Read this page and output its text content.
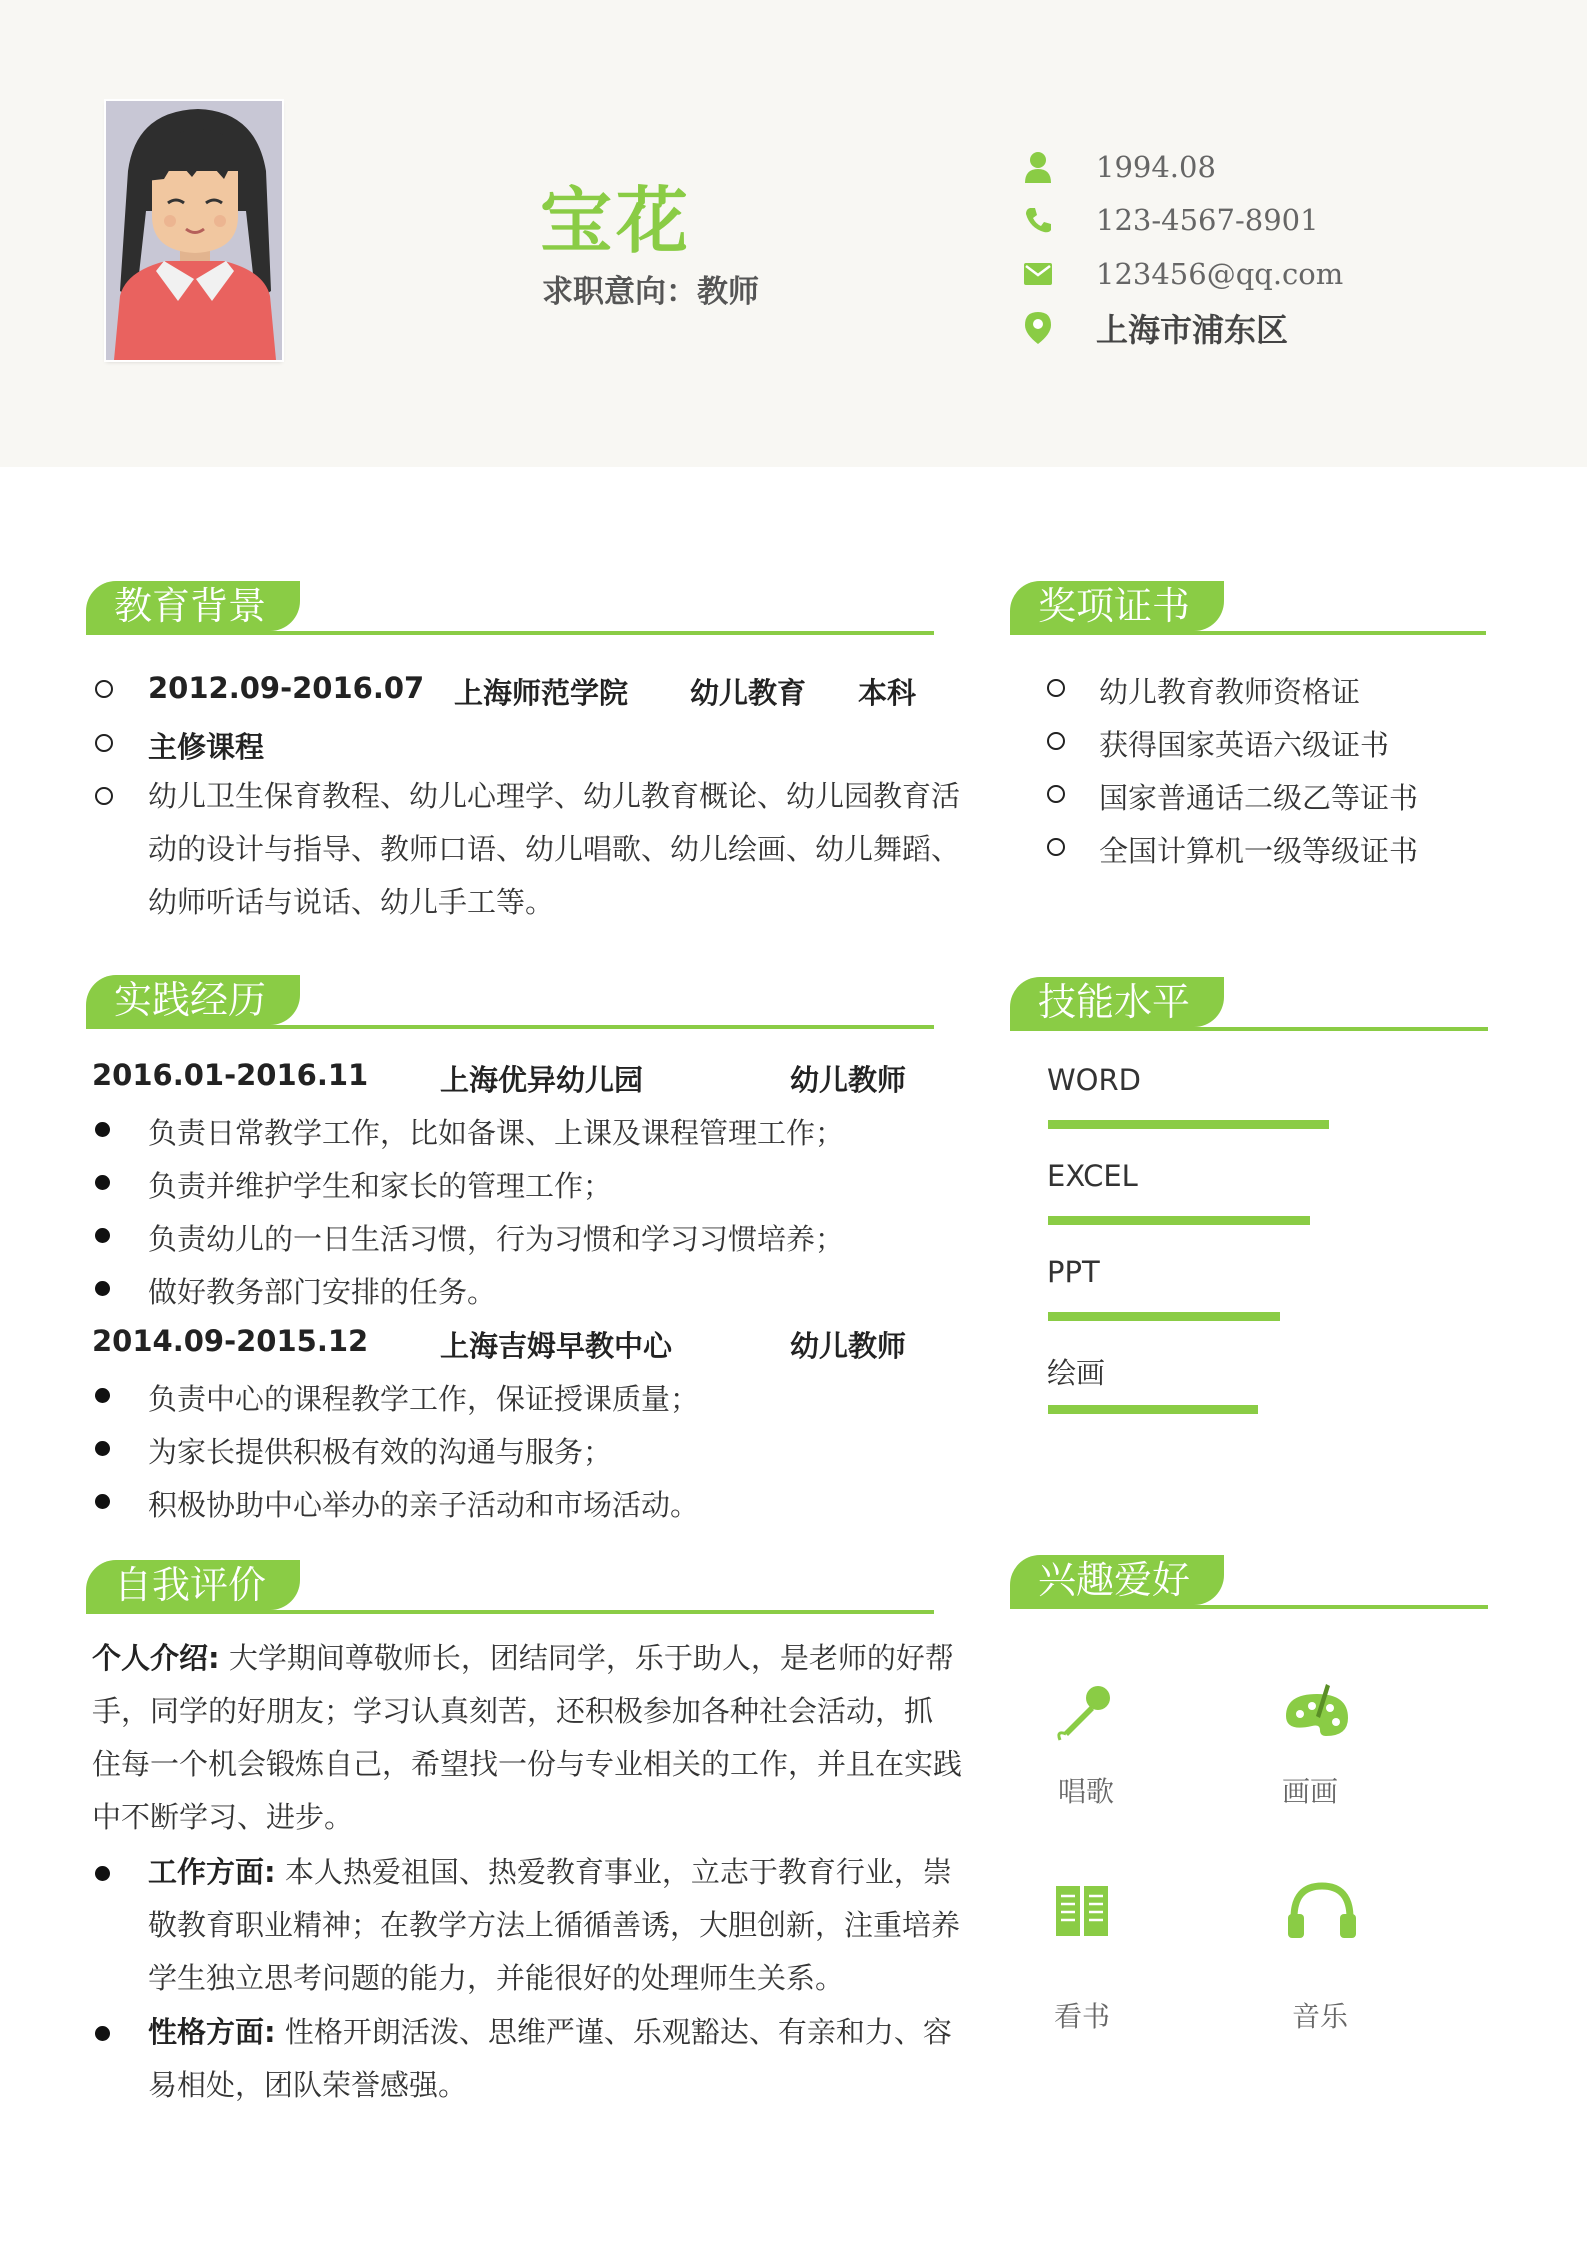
宝花
求职意向：教师
1994.08
123-4567-8901
123456@qq.com
上海市浦东区
教育背景
2012.09-2016.07 上海师范学院 幼儿教育 本科
主修课程
幼儿卫生保育教程、幼儿心理学、幼儿教育概论、幼儿园教育活
动的设计与指导、教师口语、幼儿唱歌、幼儿绘画、幼儿舞蹈、
幼师听话与说话、幼儿手工等。
实践经历
2016.01-2016.11 上海优异幼儿园	幼儿教师
负责日常教学工作，比如备课、上课及课程管理工作；
负责并维护学生和家长的管理工作；
负责幼儿的一日生活习惯，行为习惯和学习习惯培养；
做好教务部门安排的任务。
2014.09-2015.12 上海吉姆早教中心	幼儿教师
负责中心的课程教学工作，保证授课质量；
为家长提供积极有效的沟通与服务；
积极协助中心举办的亲子活动和市场活动。
自我评价
个人介绍: 大学期间尊敬师长，团结同学，乐于助人，是老师的好帮
手，同学的好朋友；学习认真刻苦，还积极参加各种社会活动，抓
住每一个机会锻炼自己，希望找一份与专业相关的工作，并且在实践
中不断学习、进步。
工作方面: 本人热爱祖国、热爱教育事业，立志于教育行业，崇
敬教育职业精神；在教学方法上循循善诱，大胆创新，注重培养
学生独立思考问题的能力，并能很好的处理师生关系。
性格方面: 性格开朗活泼、思维严谨、乐观豁达、有亲和力、容
易相处，团队荣誉感强。
奖项证书
幼儿教育教师资格证
获得国家英语六级证书
国家普通话二级乙等证书
全国计算机一级等级证书
技能水平
WORD
EXCEL
PPT
绘画
兴趣爱好
唱歌	画画
看书	音乐
